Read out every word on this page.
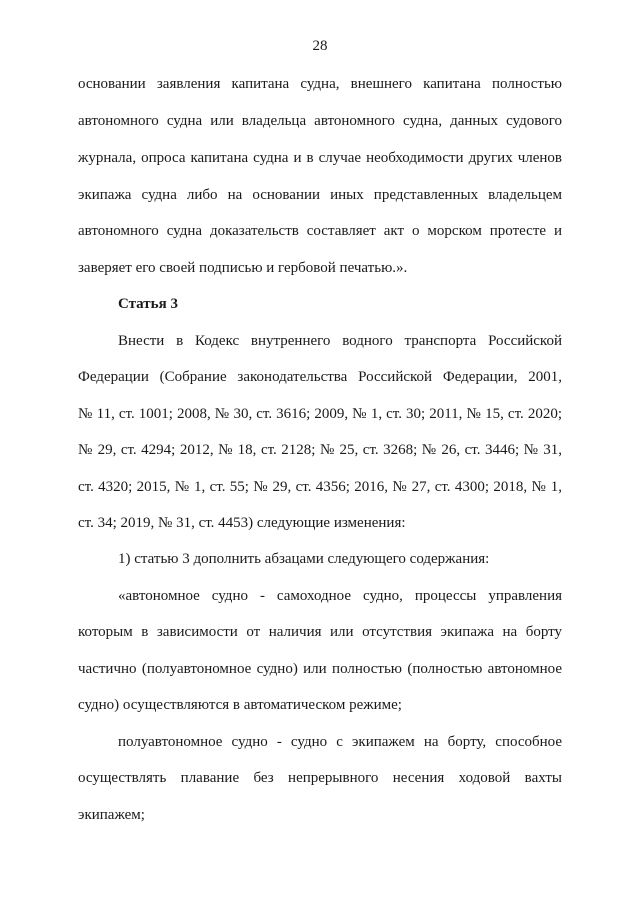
28
основании заявления капитана судна, внешнего капитана полностью
автономного судна или владельца автономного судна, данных судового
журнала, опроса капитана судна и в случае необходимости других членов
экипажа судна либо на основании иных представленных владельцем
автономного судна доказательств составляет акт о морском протесте и
заверяет его своей подписью и гербовой печатью.».
Статья 3
Внести в Кодекс внутреннего водного транспорта Российской
Федерации (Собрание законодательства Российской Федерации, 2001,
№ 11, ст. 1001; 2008, № 30, ст. 3616; 2009, № 1, ст. 30; 2011, № 15, ст. 2020;
№ 29, ст. 4294; 2012, № 18, ст. 2128; № 25, ст. 3268; № 26, ст. 3446; № 31,
ст. 4320; 2015, № 1, ст. 55; № 29, ст. 4356; 2016, № 27, ст. 4300; 2018, № 1,
ст. 34; 2019, № 31, ст. 4453) следующие изменения:
1) статью 3 дополнить абзацами следующего содержания:
«автономное судно - самоходное судно, процессы управления
которым в зависимости от наличия или отсутствия экипажа на борту
частично (полуавтономное судно) или полностью (полностью автономное
судно) осуществляются в автоматическом режиме;
полуавтономное судно - судно с экипажем на борту, способное
осуществлять плавание без непрерывного несения ходовой вахты
экипажем;
